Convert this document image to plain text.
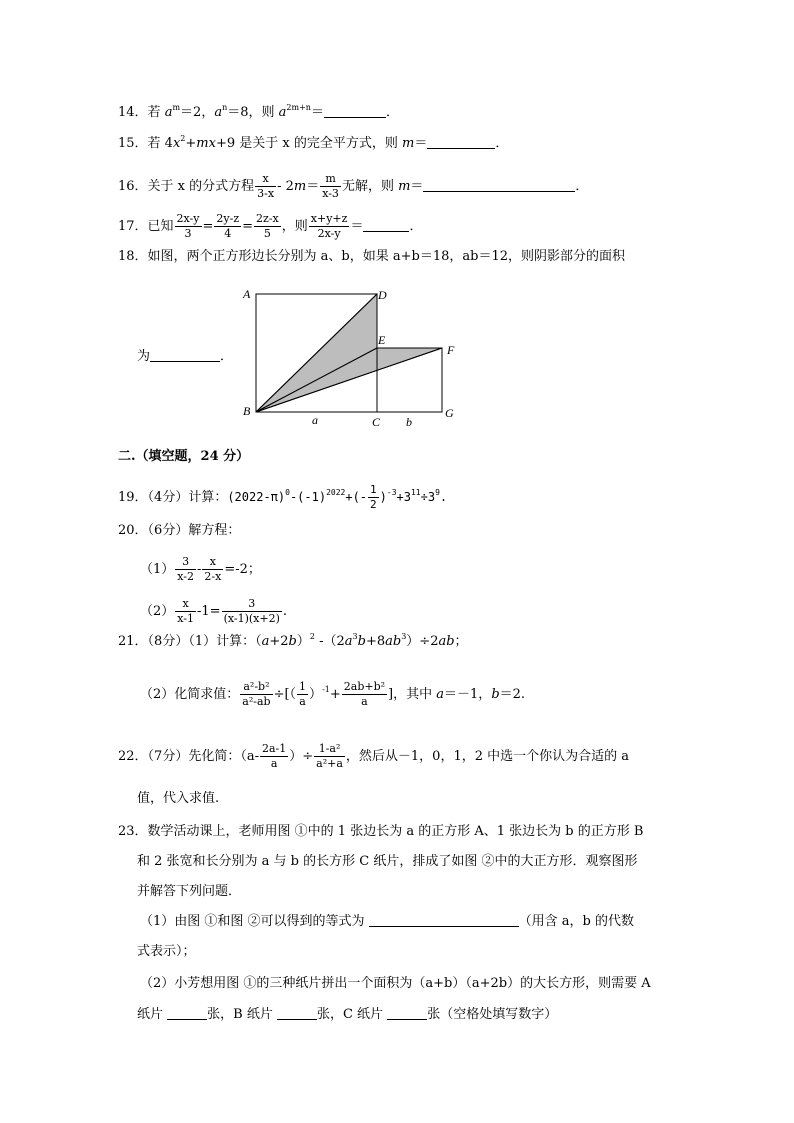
14．若 $a^m=2$，$a^n=8$，则 $a^{2m+n}=$	．
15．若 $4x^2+mx+9$ 是关于 x 的完全平方式，则 m＝	．
16．关于 x 的分式方程 $\frac{x}{3-x} - 2m= \frac{m}{x-3}$ 无解，则 m＝	．
17．已知 $\frac{2x-y}{3} = \frac{2y-z}{4} = \frac{2z-x}{5}$ ，则 $\frac{x+y+z}{2x-y}$ ＝	．
18．如图，两个正方形边长分别为 a、b，如果 a+b＝18，ab＝12，则阴影部分的面积
为	．
A	D
E
F
B
C
G
a	b
二.（填空题，24 分）
19．（4分）计算：$(2022-\pi)^0-(-1)^{2022}+(- \frac{1}{2} )^{-3}+3^{11}\div 3^9$.
20．（6分）解方程：
$(1) \frac{3}{x-2} - \frac{x}{2-x} =-2$；
$(2) \frac{x}{x-1} -1= \frac{3}{(x-1)(x+2)}$ .
21．（8分）（1）计算：$(a+2b)^2$ $-(2a^3b+8ab^3)\div 2ab$；
（2）化简求值： $\frac{\text{a²-b²}}{\text{a²-ab}}$ ÷[（ $\frac{1}{a} )^{-1}+ \frac{\text{2ab+b²}}{a}$ ]，其中 a＝－1，b＝2.
22．（7分）先化简：（$a- \frac{2a-1}{a}$ ）÷ $\frac{\text{1-a²}}{\text{a²+a}}$ ，然后从－1，0，1，2 中选一个你认为合适的 a
值，代入求值.
23．数学活动课上，老师用图 ①中的 1 张边长为 a 的正方形 A、1 张边长为 b 的正方形 B
和 2 张宽和长分别为 a 与 b 的长方形 C 纸片，排成了如图 ②中的大正方形．观察图形
并解答下列问题．
（1）由图 ①和图 ②可以得到的等式为	（用含 a，b 的代数
式表示）；
（2）小芳想用图 ①的三种纸片拼出一个面积为（a+b）（a+2b）的大长方形，则需要 A
纸片	张，B 纸片	张，C 纸片	张（空格处填写数字）
